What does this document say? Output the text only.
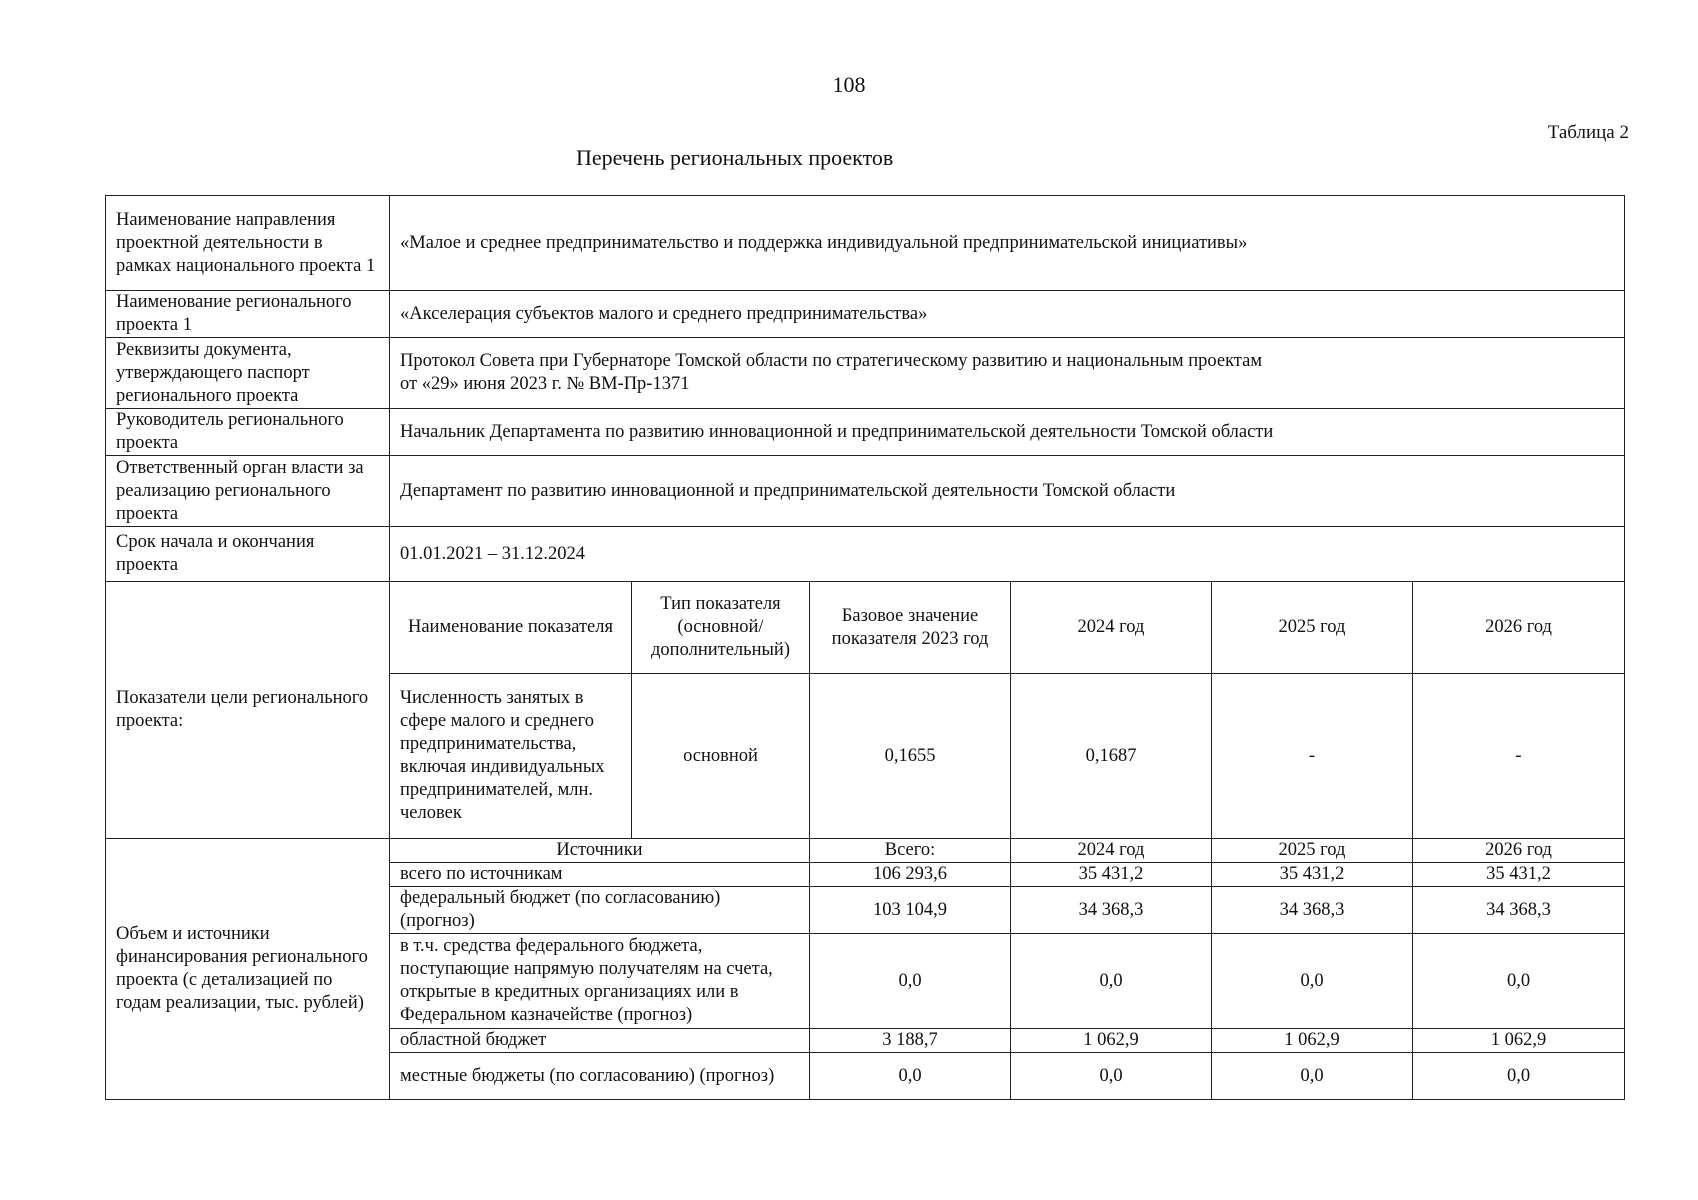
108
Таблица 2
Перечень региональных проектов
Наименование направления проектной деятельности в рамках национального проекта 1	«Малое и среднее предпринимательство и поддержка индивидуальной предпринимательской инициативы»					
Наименование регионального проекта 1	«Акселерация субъектов малого и среднего предпринимательства»					
Реквизиты документа, утверждающего паспорт регионального проекта	Протокол Совета при Губернаторе Томской области по стратегическому развитию и национальным проектам
от «29» июня 2023 г. № ВМ-Пр-1371					

Руководитель регионального проекта	Начальник Департамента по развитию инновационной и предпринимательской деятельности Томской области					
Ответственный орган власти за реализацию регионального проекта	Департамент по развитию инновационной и предпринимательской деятельности Томской области					
Срок начала и окончания проекта	01.01.2021 – 31.12.2024					
Показатели цели регионального проекта:	Наименование показателя	Тип показателя (основной/ дополнительный)	Базовое значение показателя 2023 год	2024 год	2025 год	2026 год
	Численность занятых в сфере малого и среднего предпринимательства, включая индивидуальных предпринимателей, млн. человек	основной	0,1655	0,1687	-	-
Объем и источники финансирования регионального проекта (с детализацией по годам реализации, тыс. рублей)	Источники		Всего:	2024 год	2025 год	2026 год
	всего по источникам		106 293,6	35 431,2	35 431,2	35 431,2
	федеральный бюджет (по согласованию) (прогноз)		103 104,9	34 368,3	34 368,3	34 368,3
	в т.ч. средства федерального бюджета, поступающие напрямую получателям на счета, открытые в кредитных организациях или в Федеральном казначействе (прогноз)		0,0	0,0	0,0	0,0
	областной бюджет		3 188,7	1 062,9	1 062,9	1 062,9
	местные бюджеты (по согласованию) (прогноз)		0,0	0,0	0,0	0,0
